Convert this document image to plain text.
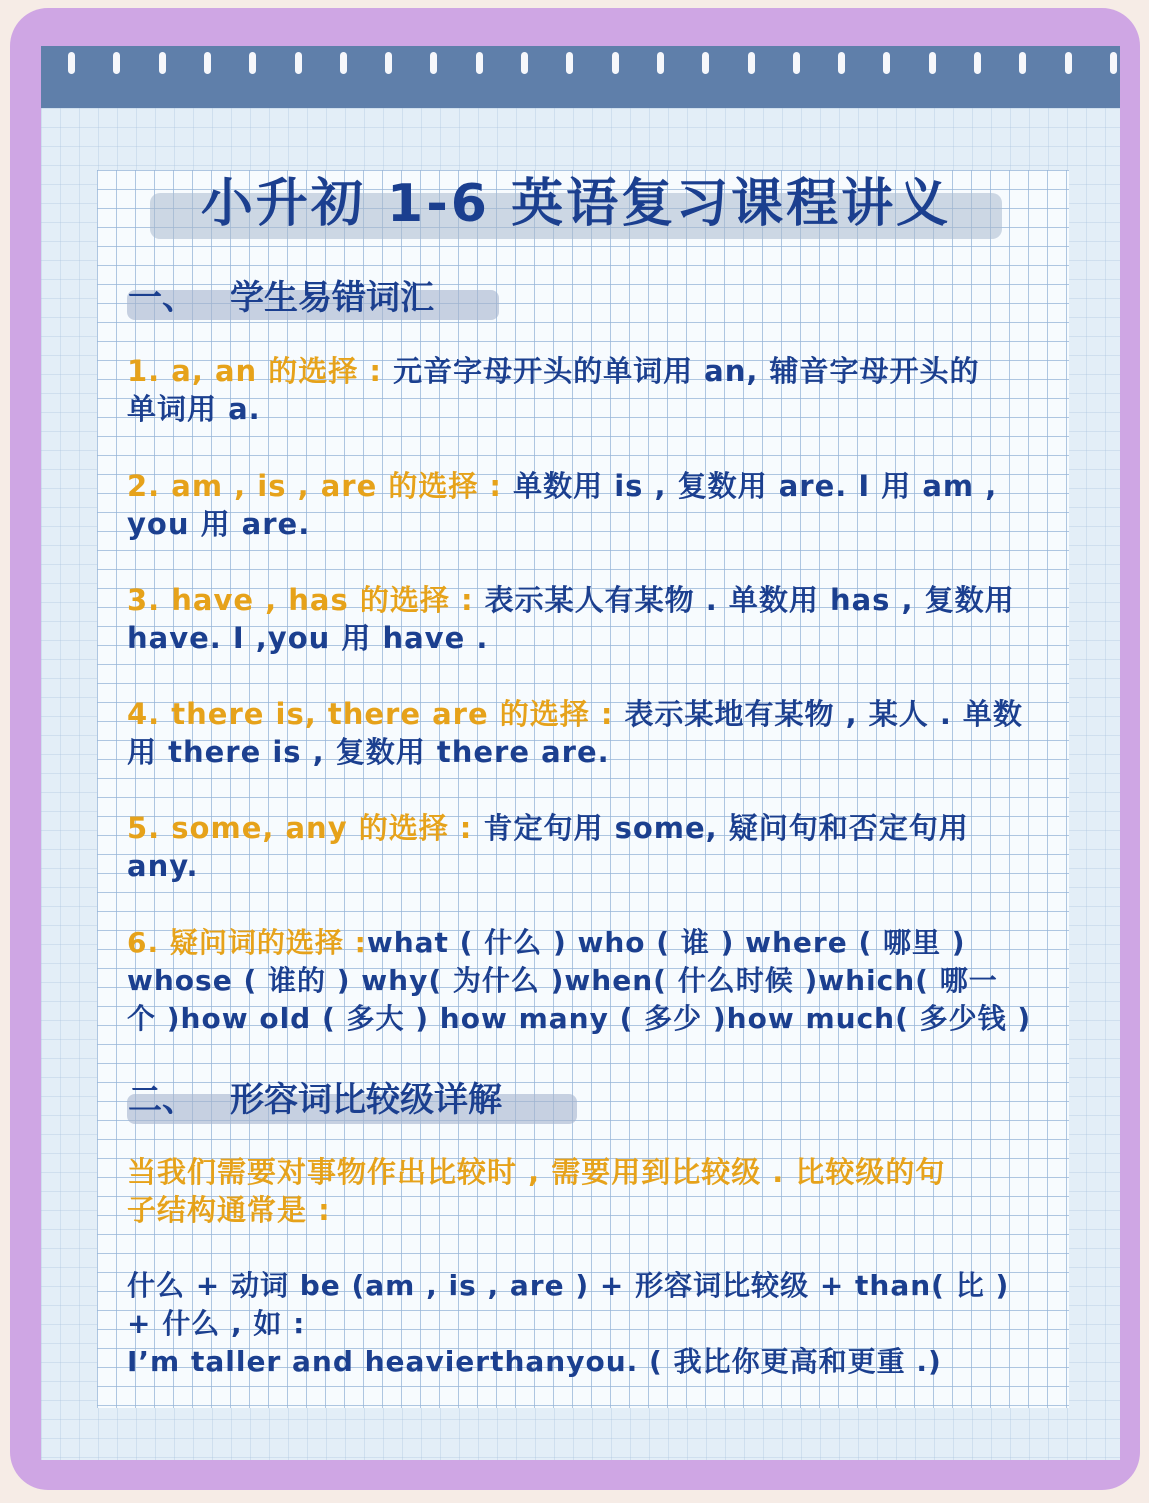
小升初 1-6 英语复习课程讲义
一、 学生易错词汇
1. a, an 的选择 : 元音字母开头的单词用 an, 辅音字母开头的
单词用 a.
2. am , is , are 的选择 : 单数用 is , 复数用 are. I 用 am ,
you 用 are.
3. have , has 的选择 : 表示某人有某物 . 单数用 has , 复数用
have. I ,you 用 have .
4. there is, there are 的选择 : 表示某地有某物 , 某人 . 单数
用 there is , 复数用 there are.
5. some, any 的选择 : 肯定句用 some, 疑问句和否定句用
any.
6. 疑问词的选择 :what ( 什么 ) who ( 谁 ) where ( 哪里 )
whose ( 谁的 ) why( 为什么 )when( 什么时候 )which( 哪一
个 )how old ( 多大 ) how many ( 多少 )how much( 多少钱 )
二、 形容词比较级详解
当我们需要对事物作出比较时 , 需要用到比较级 . 比较级的句
子结构通常是 :
什么 + 动词 be (am , is , are ) + 形容词比较级 + than( 比 )
+ 什么 , 如 :
I’m taller and heavierthanyou. ( 我比你更高和更重 .)
